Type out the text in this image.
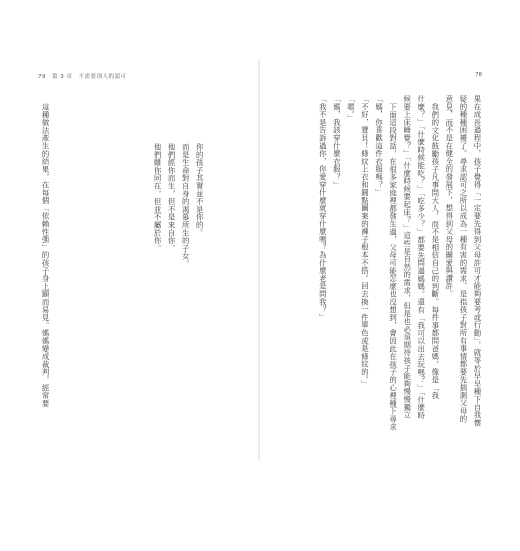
79 第 3 章 不需要別人的認可

你的孩子其實並不是你的。

而是生命對自身的渴慕所生的子女。

他們經你而生，但不是來自你，

他們雖你同在，但並不屬於你。

這種做法產生的結果，在每個「依賴性強」的孩子身上顯而易見。媽媽變成裁判，經常要

78

果在成長過程中，孩子覺得「一定要先得到父母許可才能夠要考或行動」，就等於早早種下自我懷

疑的種種困擾了。尋求認可之所以成為一種有害的需求，是指孩子對所有事情都要先揣測父母的

意見，而不是在健全的發展下，想得到父母的關愛與讚許。

我們的文化鼓勵孩子凡事問大人，而不是相信自己的判斷。每件事都問爸媽，像是「我

什麼？」「什麼時候能吃？」「吃多少？」都要先問過媽媽。還有「我可以出去玩嗎？」「什麼時

候要上床睡覺？」「什麼時候要起床？」這些是自然的需求，但是也必須期待孩子能夠慢慢獨立

下面這段對話，在很多家庭裡都發生過，父母可能怎麼也沒想到，會因此在孩子的心裡種下尋求

「媽，你喜歡這件衣服嗎？」

「不好，寶貝！條紋上衣和圓點圖案的褲子根本不搭。回去換一件單色或是條紋的。」

「嗯。」

「媽，我該穿什麼衣服？」

「我不是告訴過你，你愛穿什麼就穿什麼嗎？為什麼老是問我？」
